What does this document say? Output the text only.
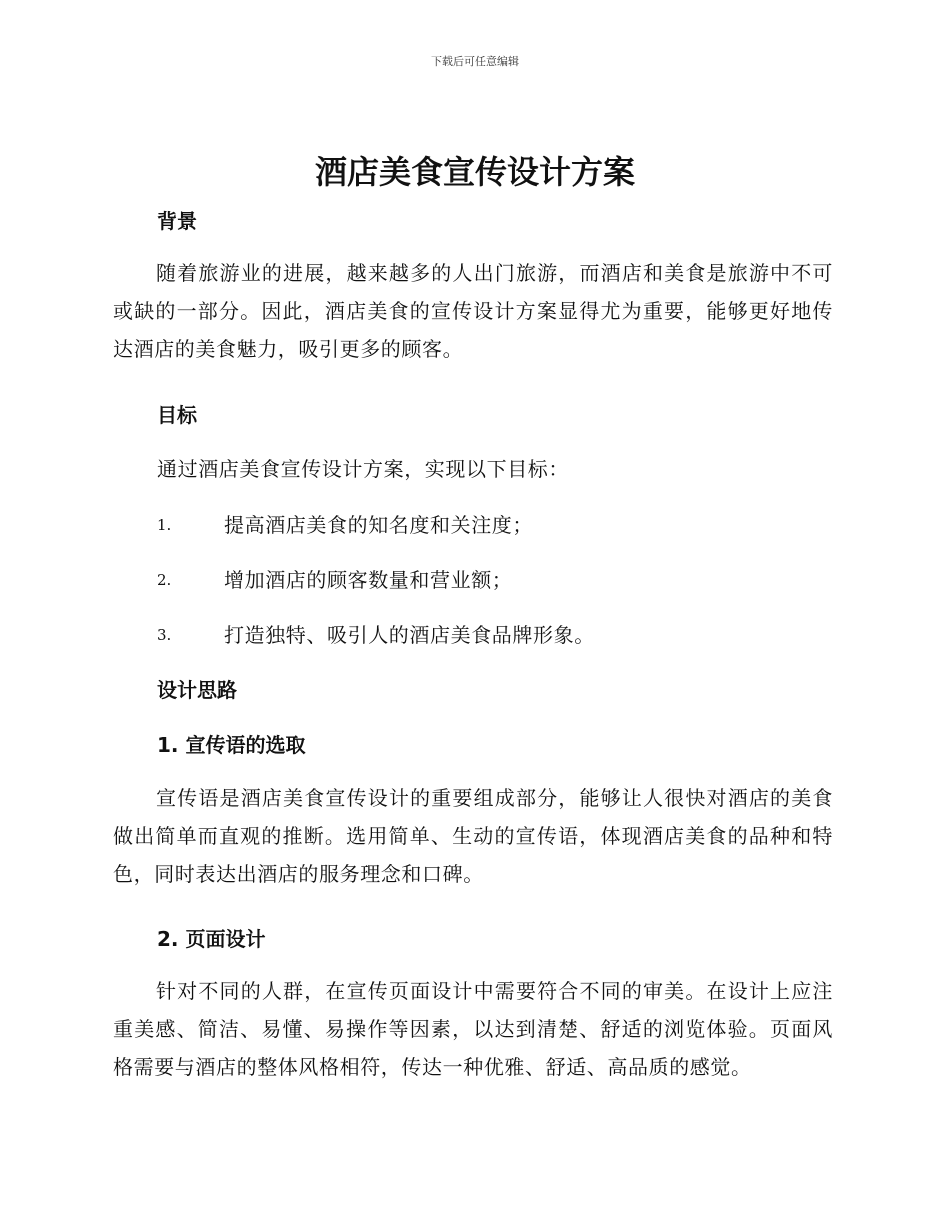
下载后可任意编辑
酒店美食宣传设计方案
背景
随着旅游业的进展，越来越多的人出门旅游，而酒店和美食是旅游中不可或缺的一部分。因此，酒店美食的宣传设计方案显得尤为重要，能够更好地传达酒店的美食魅力，吸引更多的顾客。
目标
通过酒店美食宣传设计方案，实现以下目标：
1.	提高酒店美食的知名度和关注度；
2.	增加酒店的顾客数量和营业额；
3.	打造独特、吸引人的酒店美食品牌形象。
设计思路
1. 宣传语的选取
宣传语是酒店美食宣传设计的重要组成部分，能够让人很快对酒店的美食做出简单而直观的推断。选用简单、生动的宣传语，体现酒店美食的品种和特色，同时表达出酒店的服务理念和口碑。
2. 页面设计
针对不同的人群，在宣传页面设计中需要符合不同的审美。在设计上应注重美感、简洁、易懂、易操作等因素，以达到清楚、舒适的浏览体验。页面风格需要与酒店的整体风格相符，传达一种优雅、舒适、高品质的感觉。
